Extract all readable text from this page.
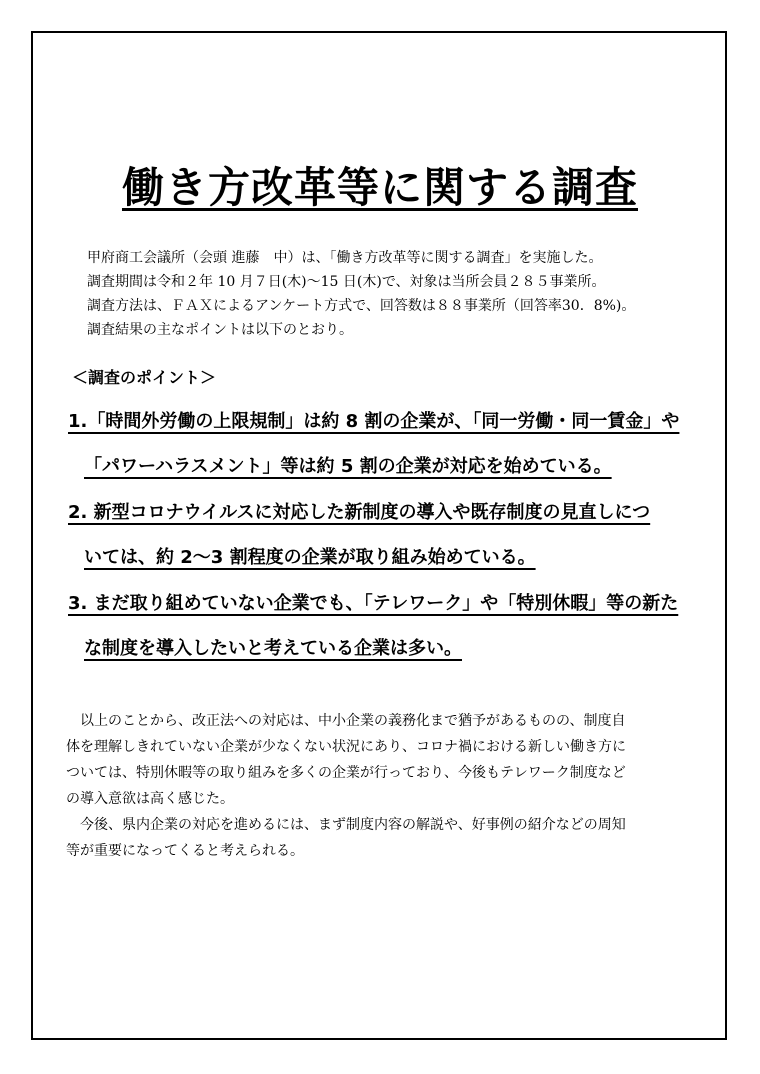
働き方改革等に関する調査
甲府商工会議所（会頭 進藤　中）は、「働き方改革等に関する調査」を実施した。
調査期間は令和２年 10 月７日(木)～15 日(木)で、対象は当所会員２８５事業所。
調査方法は、ＦＡＸによるアンケート方式で、回答数は８８事業所（回答率30．8%)。
調査結果の主なポイントは以下のとおり。
＜調査のポイント＞
1.「時間外労働の上限規制」は約 8 割の企業が、「同一労働・同一賃金」や
「パワーハラスメント」等は約 5 割の企業が対応を始めている。
2. 新型コロナウイルスに対応した新制度の導入や既存制度の見直しにつ
いては、約 2～3 割程度の企業が取り組み始めている。
3. まだ取り組めていない企業でも、「テレワーク」や「特別休暇」等の新た
な制度を導入したいと考えている企業は多い。
　以上のことから、改正法への対応は、中小企業の義務化まで猶予があるものの、制度自
体を理解しきれていない企業が少なくない状況にあり、コロナ禍における新しい働き方に
ついては、特別休暇等の取り組みを多くの企業が行っており、今後もテレワーク制度など
の導入意欲は高く感じた。
　今後、県内企業の対応を進めるには、まず制度内容の解説や、好事例の紹介などの周知
等が重要になってくると考えられる。
